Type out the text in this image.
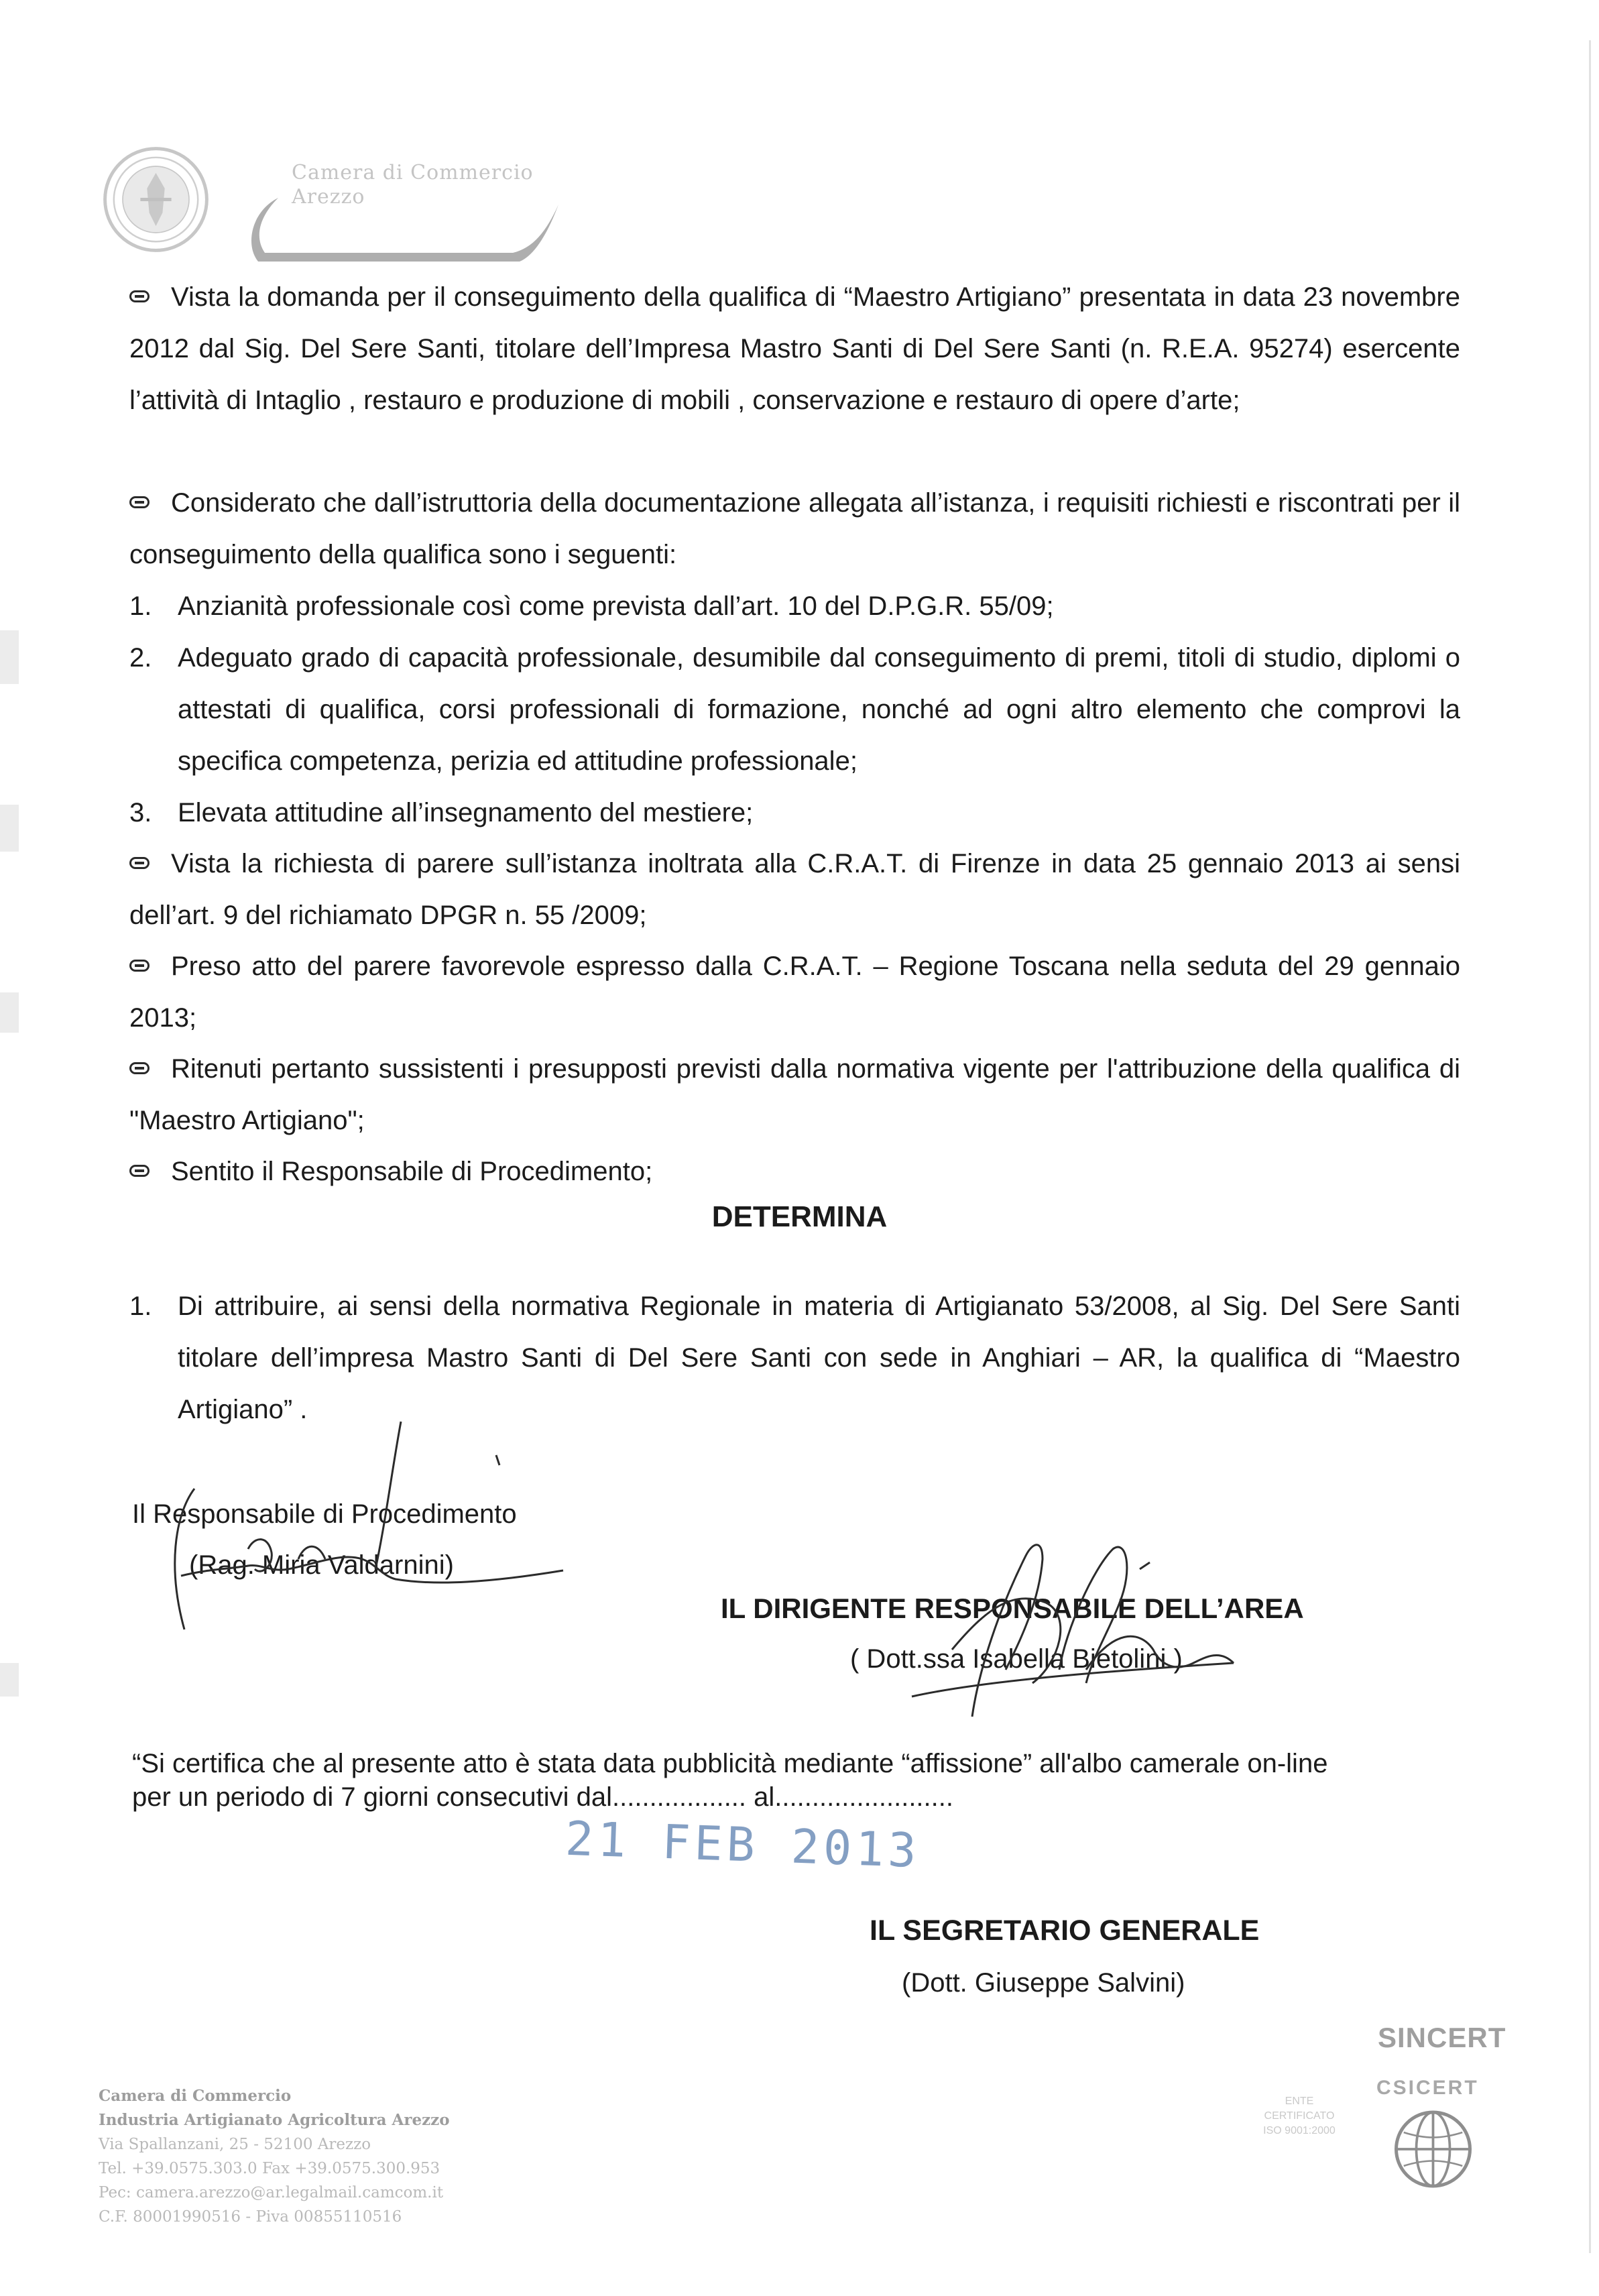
Camera di Commercio
Arezzo

Vista la domanda per il conseguimento della qualifica di “Maestro Artigiano” presentata in data 23 novembre 2012 dal Sig. Del Sere Santi, titolare dell’Impresa Mastro Santi di Del Sere Santi (n. R.E.A. 95274) esercente l’attività di Intaglio , restauro e produzione di mobili , conservazione e restauro di opere d’arte;

Considerato che dall’istruttoria della documentazione allegata all’istanza, i requisiti richiesti e riscontrati per il conseguimento della qualifica sono i seguenti:

1. Anzianità professionale così come prevista dall’art. 10 del D.P.G.R. 55/09;
2. Adeguato grado di capacità professionale, desumibile dal conseguimento di premi, titoli di studio, diplomi o attestati di qualifica, corsi professionali di formazione, nonché ad ogni altro elemento che comprovi la specifica competenza, perizia ed attitudine professionale;
3. Elevata attitudine all’insegnamento del mestiere;

Vista la richiesta di parere sull’istanza inoltrata alla C.R.A.T. di Firenze in data 25 gennaio 2013 ai sensi dell’art. 9 del richiamato DPGR n. 55 /2009;

Preso atto del parere favorevole espresso dalla C.R.A.T. – Regione Toscana nella seduta del 29 gennaio 2013;

Ritenuti pertanto sussistenti i presupposti previsti dalla normativa vigente per l'attribuzione della qualifica di "Maestro Artigiano";

Sentito il Responsabile di Procedimento;

DETERMINA
1. Di attribuire, ai sensi della normativa Regionale in materia di Artigianato 53/2008, al Sig. Del Sere Santi titolare dell’impresa Mastro Santi di Del Sere Santi con sede in Anghiari – AR, la qualifica di “Maestro Artigiano” .
Il Responsabile di Procedimento
(Rag. Miria Valdarnini)
IL DIRIGENTE RESPONSABILE DELL’AREA
( Dott.ssa Isabella Bietolini )
“Si certifica che al presente atto è stata data pubblicità mediante “affissione” all'albo camerale on-line
per un periodo di 7 giorni consecutivi dal.................. al........................
21 FEB 2013
IL SEGRETARIO GENERALE
(Dott. Giuseppe Salvini)
Camera di Commercio
Industria Artigianato Agricoltura Arezzo
Via Spallanzani, 25 - 52100 Arezzo
Tel. +39.0575.303.0 Fax +39.0575.300.953
Pec: camera.arezzo@ar.legalmail.camcom.it
C.F. 80001990516 - Piva 00855110516
SINCERT
CSICERT
ENTE
CERTIFICATO
ISO 9001:2000
